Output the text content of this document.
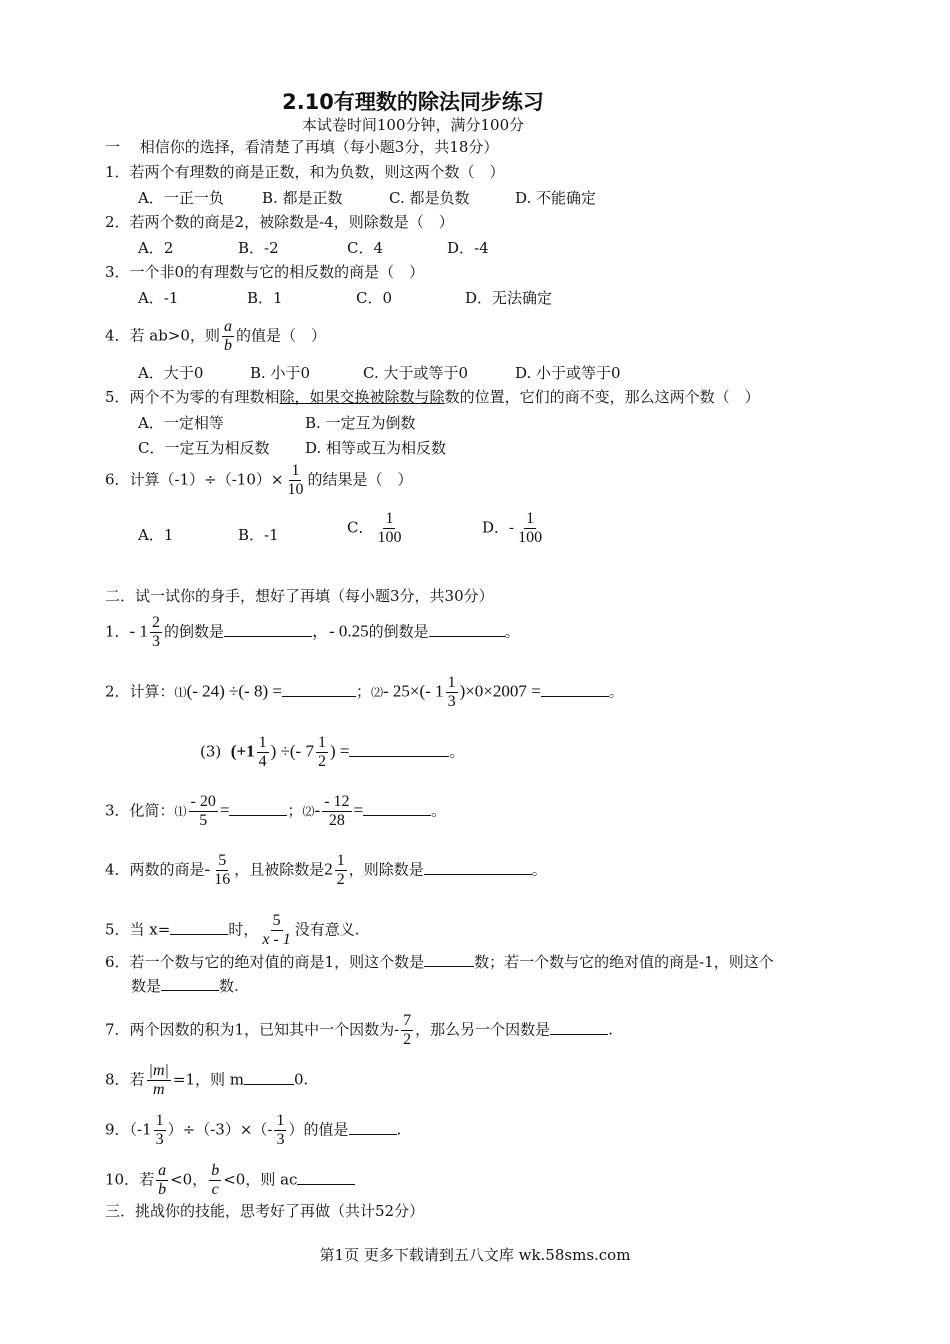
2.10有理数的除法同步练习
本试卷时间100分钟，满分100分
一　 相信你的选择，看清楚了再填（每小题3分，共18分）
1．若两个有理数的商是正数，和为负数，则这两个数（　）
A．一正一负	B. 都是正数	C. 都是负数	D. 不能确定
2．若两个数的商是2，被除数是-4，则除数是（　）
A．2	B．-2	C．4	D．-4
3．一个非0的有理数与它的相反数的商是（　）
A．-1	B．1	C．0	D．无法确定
4．若 ab>0，则 $\frac{a}{b}$ 的值是（　）
A．大于0	B. 小于0	C. 大于或等于0	D. 小于或等于0
5．两个不为零的有理数相除，如果交换被除数与除数的位置，它们的商不变，那么这两个数（　）
A．一定相等	B. 一定互为倒数
C．一定互为相反数 D. 相等或互为相反数
6．计算$(-1)\div(-10)\times \frac{1}{10}$ 的结果是（　）
A．1	B．-1	C． $\frac{1}{100}$	D．- $\frac{1}{100}$
二．试一试你的身手，想好了再填（每小题3分，共30分）
1．- $1 \frac{2}{3}$ 的倒数是	，- 0.25的倒数是	。
2．计算：⑴(- 24) ÷(- 8) =	；⑵- 25×(- $1 \frac{1}{3} )\times 0\times 2007$ =	。
(3) ($+1 \frac{1}{4}$ ) ÷(- $7 \frac{1}{2}$ ) =	。
3．化简：⑴ $\frac{- 20}{5}$ =	；⑵- $\frac{- 12}{28}$ =	。
4．两数的商是- $\frac{5}{16}$ ，且被除数是$2 \frac{1}{2}$ ，则除数是	。
5．当 x=	时， $\frac{5}{x - 1}$ 没有意义.
6．若一个数与它的绝对值的商是1，则这个数是	数；若一个数与它的绝对值的商是-1，则这个
数是	数.
7．两个因数的积为1，已知其中一个因数为- $\frac{7}{2}$ ，那么另一个因数是	.
8．若 $\frac{|m|}{m} =1$，则 m	0.
9．$(-1 \frac{1}{3} )\div(-3)\times(- \frac{1}{3}$ ）的值是	.
10．若 $\frac{a}{b} <0$， $\frac{b}{c} <0$，则 ac
三．挑战你的技能，思考好了再做（共计52分）
第1页 更多下载请到五八文库 wk.58sms.com
